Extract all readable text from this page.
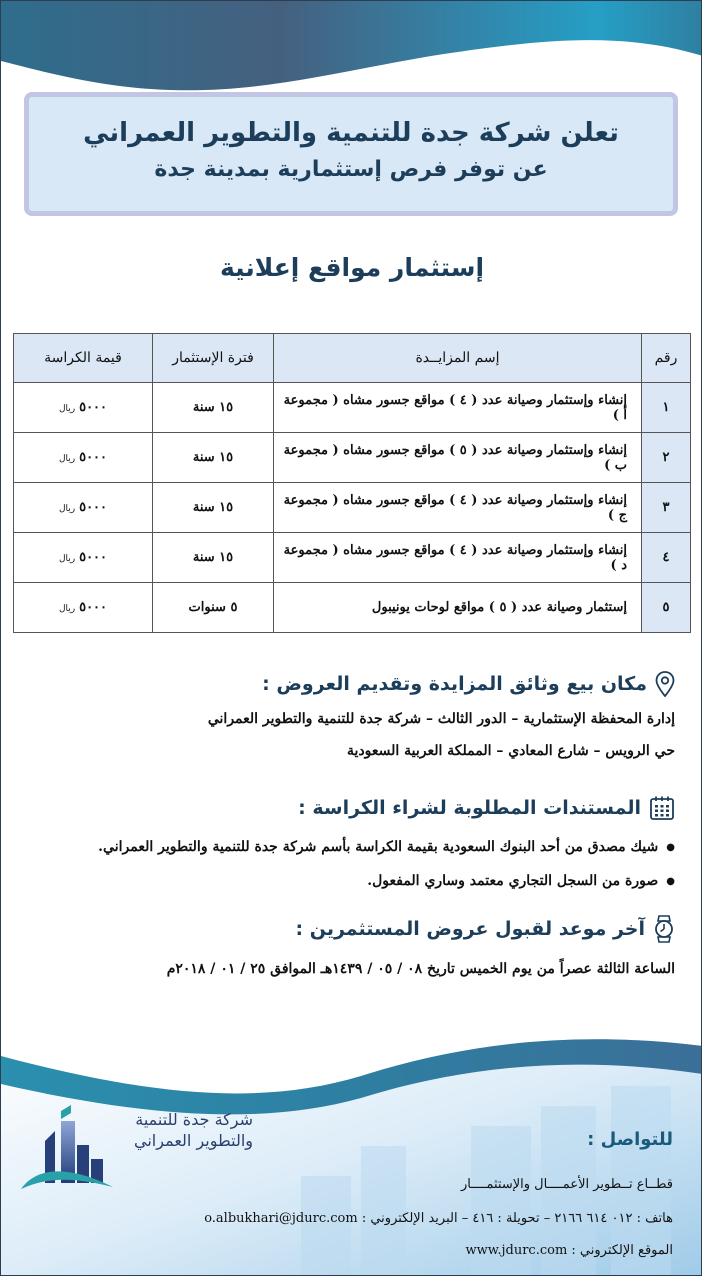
تعلن شركة جدة للتنمية والتطوير العمراني
عن توفر فرص إستثمارية بمدينة جدة
إستثمار مواقع إعلانية
رقم	إسم المزايــدة	فترة الإستثمار	قيمة الكراسة
١	إنشاء وإستثمار وصيانة عدد ( ٤ ) مواقع جسور مشاه ( مجموعة أ )	١٥ سنة	٥٠٠٠ريال
٢	إنشاء وإستثمار وصيانة عدد ( ٥ ) مواقع جسور مشاه ( مجموعة ب )	١٥ سنة	٥٠٠٠ريال
٣	إنشاء وإستثمار وصيانة عدد ( ٤ ) مواقع جسور مشاه ( مجموعة ج )	١٥ سنة	٥٠٠٠ريال
٤	إنشاء وإستثمار وصيانة عدد ( ٤ ) مواقع جسور مشاه ( مجموعة د )	١٥ سنة	٥٠٠٠ريال
٥	إستثمار وصيانة عدد ( ٥ ) مواقع لوحات يونيبول	٥ سنوات	٥٠٠٠ريال
مكان بيع وثائق المزايدة وتقديم العروض :
إدارة المحفظة الإستثمارية – الدور الثالث – شركة جدة للتنمية والتطوير العمراني
حي الرويس – شارع المعادي – المملكة العربية السعودية
المستندات المطلوبة لشراء الكراسة :
● شيك مصدق من أحد البنوك السعودية بقيمة الكراسة بأسم شركة جدة للتنمية والتطوير العمراني.
● صورة من السجل التجاري معتمد وساري المفعول.
آخر موعد لقبول عروض المستثمرين :
الساعة الثالثة عصراً من يوم الخميس تاريخ ٠٨ / ٠٥ / ١٤٣٩هـ الموافق ٢٥ / ٠١ / ٢٠١٨م
شركة جدة للتنمية
والتطوير العمراني	للتواصل :
قطــاع تــطوير الأعمــــال والإستثمــــار
هاتف : ٠١٢ ٦١٤ ٢١٦٦ – تحويلة : ٤١٦ – البريد الإلكتروني : o.albukhari@jdurc.com
الموقع الإلكتروني : www.jdurc.com
